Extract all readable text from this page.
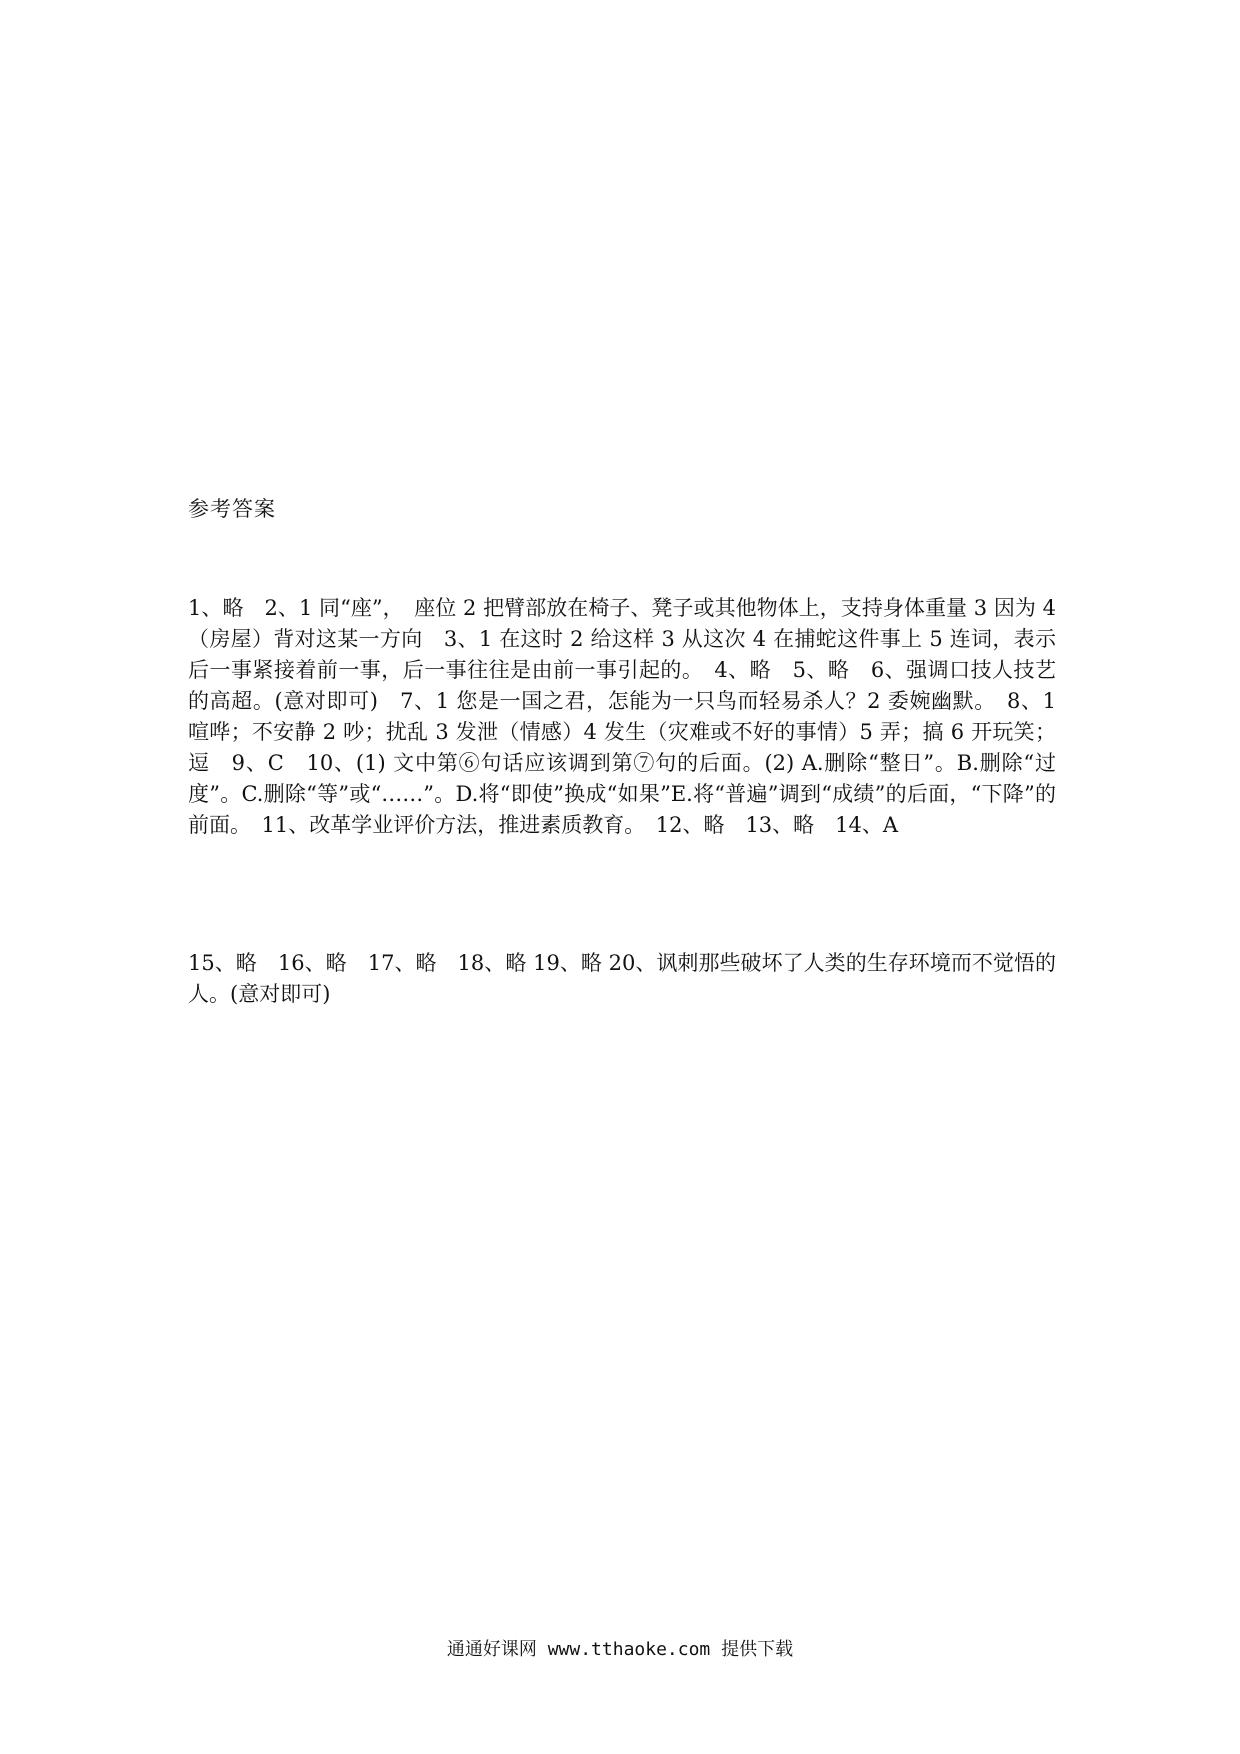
参考答案

1、略　2、1 同“座”，　座位 2 把臂部放在椅子、凳子或其他物体上，支持身体重量 3 因为 4（房屋）背对这某一方向　3、1 在这时 2 给这样 3 从这次 4 在捕蛇这件事上 5 连词，表示后一事紧接着前一事，后一事往往是由前一事引起的。　4、略　5、略　6、强调口技人技艺的高超。(意对即可)　7、1 您是一国之君，怎能为一只鸟而轻易杀人？2 委婉幽默。　8、1 喧哗；不安静 2 吵；扰乱 3 发泄（情感）4 发生（灾难或不好的事情）5 弄；搞 6 开玩笑；逗　9、C　10、(1) 文中第⑥句话应该调到第⑦句的后面。(2) A.删除“整日”。B.删除“过度”。C.删除“等”或“……”。D.将“即使”换成“如果”E.将“普遍”调到“成绩”的后面，“下降”的前面。　11、改革学业评价方法，推进素质教育。　12、略　13、略　14、A

15、略　16、略　17、略　18、略 19、略 20、讽刺那些破坏了人类的生存环境而不觉悟的人。(意对即可)

通通好课网 www.tthaoke.com 提供下载
